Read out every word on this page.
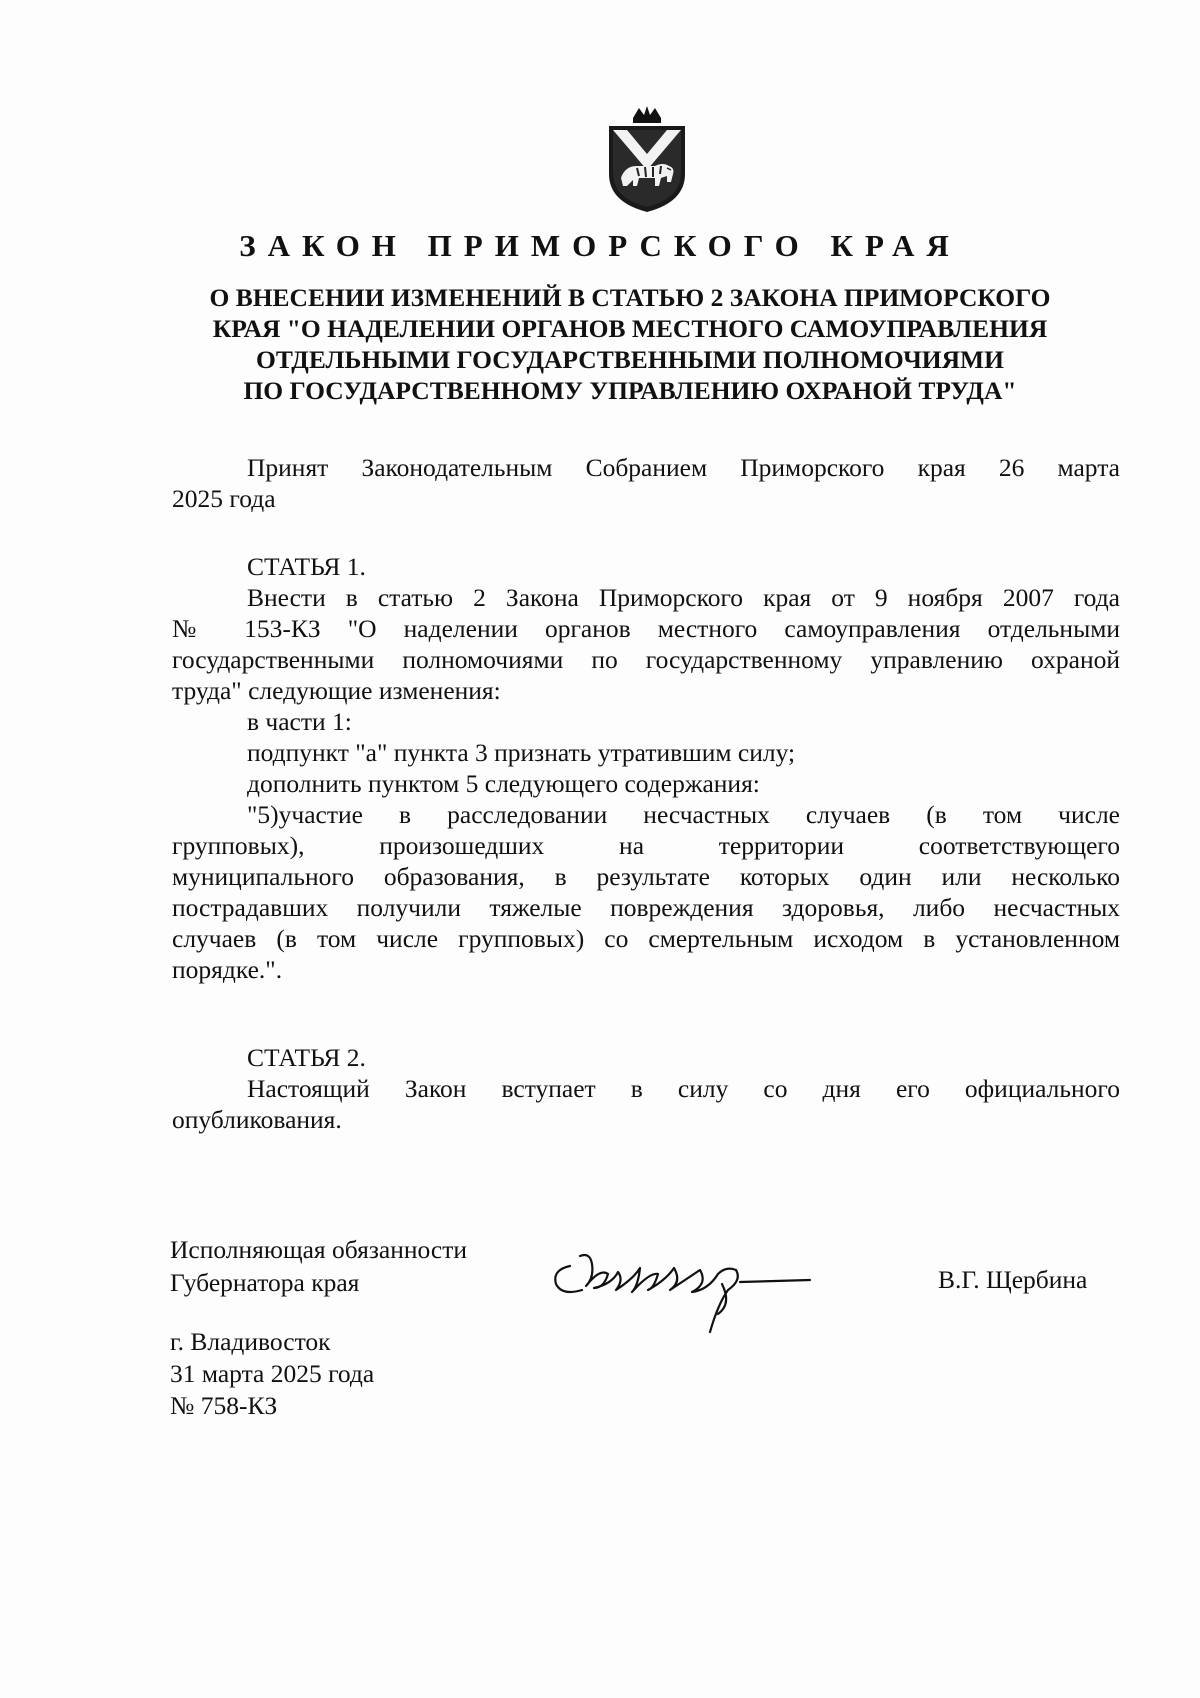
ЗАКОН ПРИМОРСКОГО КРАЯ
О ВНЕСЕНИИ ИЗМЕНЕНИЙ В СТАТЬЮ 2 ЗАКОНА ПРИМОРСКОГО
КРАЯ "О НАДЕЛЕНИИ ОРГАНОВ МЕСТНОГО САМОУПРАВЛЕНИЯ
ОТДЕЛЬНЫМИ ГОСУДАРСТВЕННЫМИ ПОЛНОМОЧИЯМИ
ПО ГОСУДАРСТВЕННОМУ УПРАВЛЕНИЮ ОХРАНОЙ ТРУДА"
Принят Законодательным Собранием Приморского края 26 марта
2025 года
СТАТЬЯ 1.
Внести в статью 2 Закона Приморского края от 9 ноября 2007 года
№ 153-КЗ "О наделении органов местного самоуправления отдельными
государственными полномочиями по государственному управлению охраной
труда" следующие изменения:
в части 1:
подпункт "а" пункта 3 признать утратившим силу;
дополнить пунктом 5 следующего содержания:
"5)участие в расследовании несчастных случаев (в том числе
групповых), произошедших на территории соответствующего
муниципального образования, в результате которых один или несколько
пострадавших получили тяжелые повреждения здоровья, либо несчастных
случаев (в том числе групповых) со смертельным исходом в установленном
порядке.".
СТАТЬЯ 2.
Настоящий Закон вступает в силу со дня его официального
опубликования.
Исполняющая обязанности
Губернатора края	В.Г. Щербина
г. Владивосток
31 марта 2025 года
№ 758-КЗ
